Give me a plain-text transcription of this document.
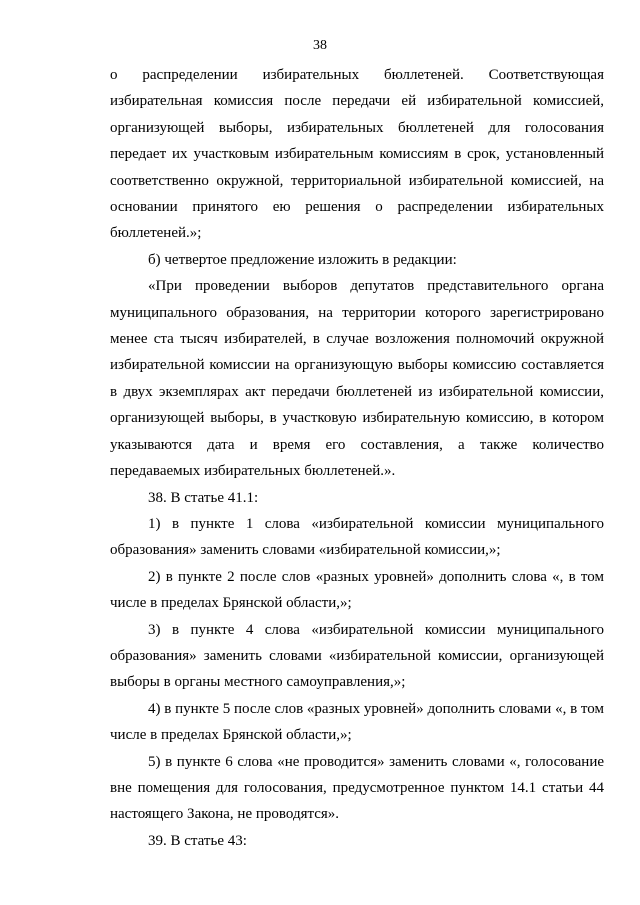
38

о распределении избирательных бюллетеней. Соответствующая избирательная комиссия после передачи ей избирательной комиссией, организующей выборы, избирательных бюллетеней для голосования передает их участковым избирательным комиссиям в срок, установленный соответственно окружной, территориальной избирательной комиссией, на основании принятого ею решения о распределении избирательных бюллетеней.»;

б) четвертое предложение изложить в редакции:

«При проведении выборов депутатов представительного органа муниципального образования, на территории которого зарегистрировано менее ста тысяч избирателей, в случае возложения полномочий окружной избирательной комиссии на организующую выборы комиссию составляется в двух экземплярах акт передачи бюллетеней из избирательной комиссии, организующей выборы, в участковую избирательную комиссию, в котором указываются дата и время его составления, а также количество передаваемых избирательных бюллетеней.».

38. В статье 41.1:

1) в пункте 1 слова «избирательной комиссии муниципального образования» заменить словами «избирательной комиссии,»;

2) в пункте 2 после слов «разных уровней» дополнить слова «, в том числе в пределах Брянской области,»;

3) в пункте 4 слова «избирательной комиссии муниципального образования» заменить словами «избирательной комиссии, организующей выборы в органы местного самоуправления,»;

4) в пункте 5 после слов «разных уровней» дополнить словами «, в том числе в пределах Брянской области,»;

5) в пункте 6 слова «не проводится» заменить словами «, голосование вне помещения для голосования, предусмотренное пунктом 14.1 статьи 44 настоящего Закона, не проводятся».

39. В статье 43:
